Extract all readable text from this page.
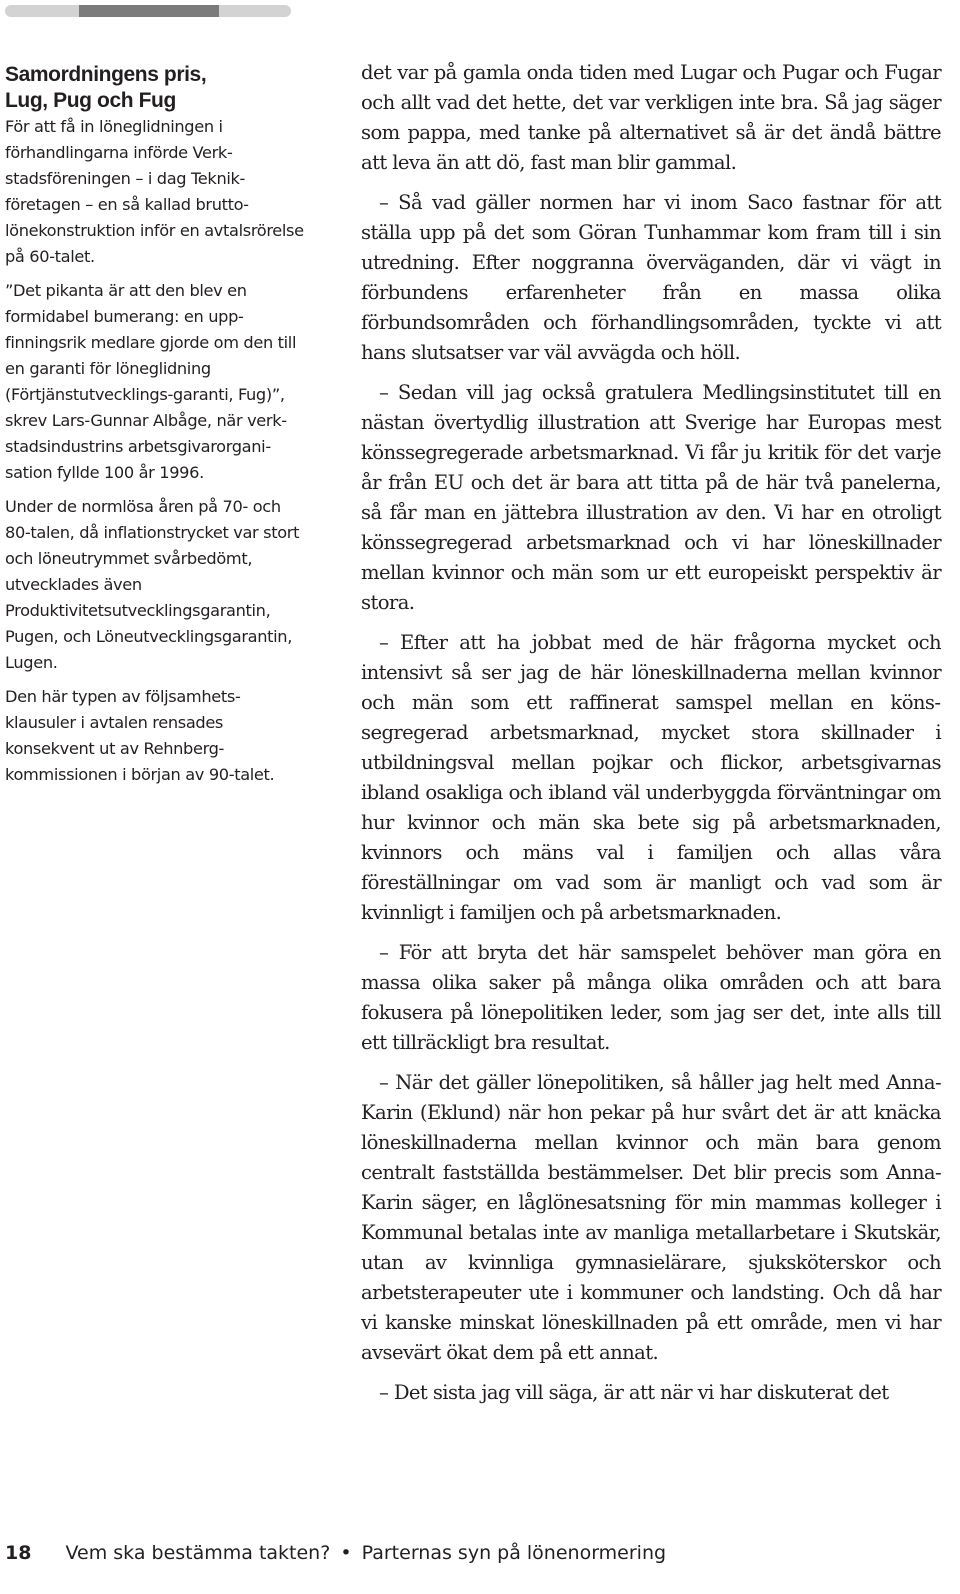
Samordningens pris,
Lug, Pug och Fug

För att få in löneglidningen i förhandlingarna införde Verkstadsföreningen – i dag Teknikföretagen – en så kallad bruttolönekonstruktion inför en avtalsrörelse på 60-talet.

”Det pikanta är att den blev en formidabel bumerang: en uppfinningsrik medlare gjorde om den till en garanti för löneglidning (Förtjänstutvecklings-garanti, Fug)”, skrev Lars-Gunnar Albåge, när verkstadsindustrins arbetsgivarorganisation fyllde 100 år 1996.

Under de normlösa åren på 70- och 80-talen, då inflationstrycket var stort och löneutrymmet svårbedömt, utvecklades även Produktivitetsutvecklingsgarantin, Pugen, och Löneutvecklingsgarantin, Lugen.

Den här typen av följsamhetsklausuler i avtalen rensades konsekvent ut av Rehnbergkommissionen i början av 90-talet.

det var på gamla onda tiden med Lugar och Pugar och Fugar och allt vad det hette, det var verkligen inte bra. Så jag säger som pappa, med tanke på alternativet så är det ändå bättre att leva än att dö, fast man blir gammal.

– Så vad gäller normen har vi inom Saco fastnar för att ställa upp på det som Göran Tunhammar kom fram till i sin utredning. Efter noggranna överväganden, där vi vägt in förbundens erfarenheter från en massa olika förbundsområden och förhandlingsområden, tyckte vi att hans slutsatser var väl avvägda och höll.

– Sedan vill jag också gratulera Medlingsinstitutet till en nästan övertydlig illustration att Sverige har Europas mest könssegregerade arbetsmarknad. Vi får ju kritik för det varje år från EU och det är bara att titta på de här två panelerna, så får man en jättebra illustration av den. Vi har en otroligt könssegregerad arbetsmarknad och vi har löneskillnader mellan kvinnor och män som ur ett europeiskt perspektiv är stora.

– Efter att ha jobbat med de här frågorna mycket och intensivt så ser jag de här löneskillnaderna mellan kvinnor och män som ett raffinerat samspel mellan en könssegregerad arbetsmarknad, mycket stora skillnader i utbildningsval mellan pojkar och flickor, arbetsgivarnas ibland osakliga och ibland väl underbyggda förväntningar om hur kvinnor och män ska bete sig på arbetsmarknaden, kvinnors och mäns val i familjen och allas våra föreställningar om vad som är manligt och vad som är kvinnligt i familjen och på arbetsmarknaden.

– För att bryta det här samspelet behöver man göra en massa olika saker på många olika områden och att bara fokusera på lönepolitiken leder, som jag ser det, inte alls till ett tillräckligt bra resultat.

– När det gäller lönepolitiken, så håller jag helt med Anna-Karin (Eklund) när hon pekar på hur svårt det är att knäcka löneskillnaderna mellan kvinnor och män bara genom centralt fastställda bestämmelser. Det blir precis som Anna-Karin säger, en låglönesatsning för min mammas kolleger i Kommunal betalas inte av manliga metallarbetare i Skutskär, utan av kvinnliga gymnasielärare, sjuksköterskor och arbetsterapeuter ute i kommuner och landsting. Och då har vi kanske minskat löneskillnaden på ett område, men vi har avsevärt ökat dem på ett annat.

– Det sista jag vill säga, är att när vi har diskuterat det

18 Vem ska bestämma takten? • Parternas syn på lönenormering
